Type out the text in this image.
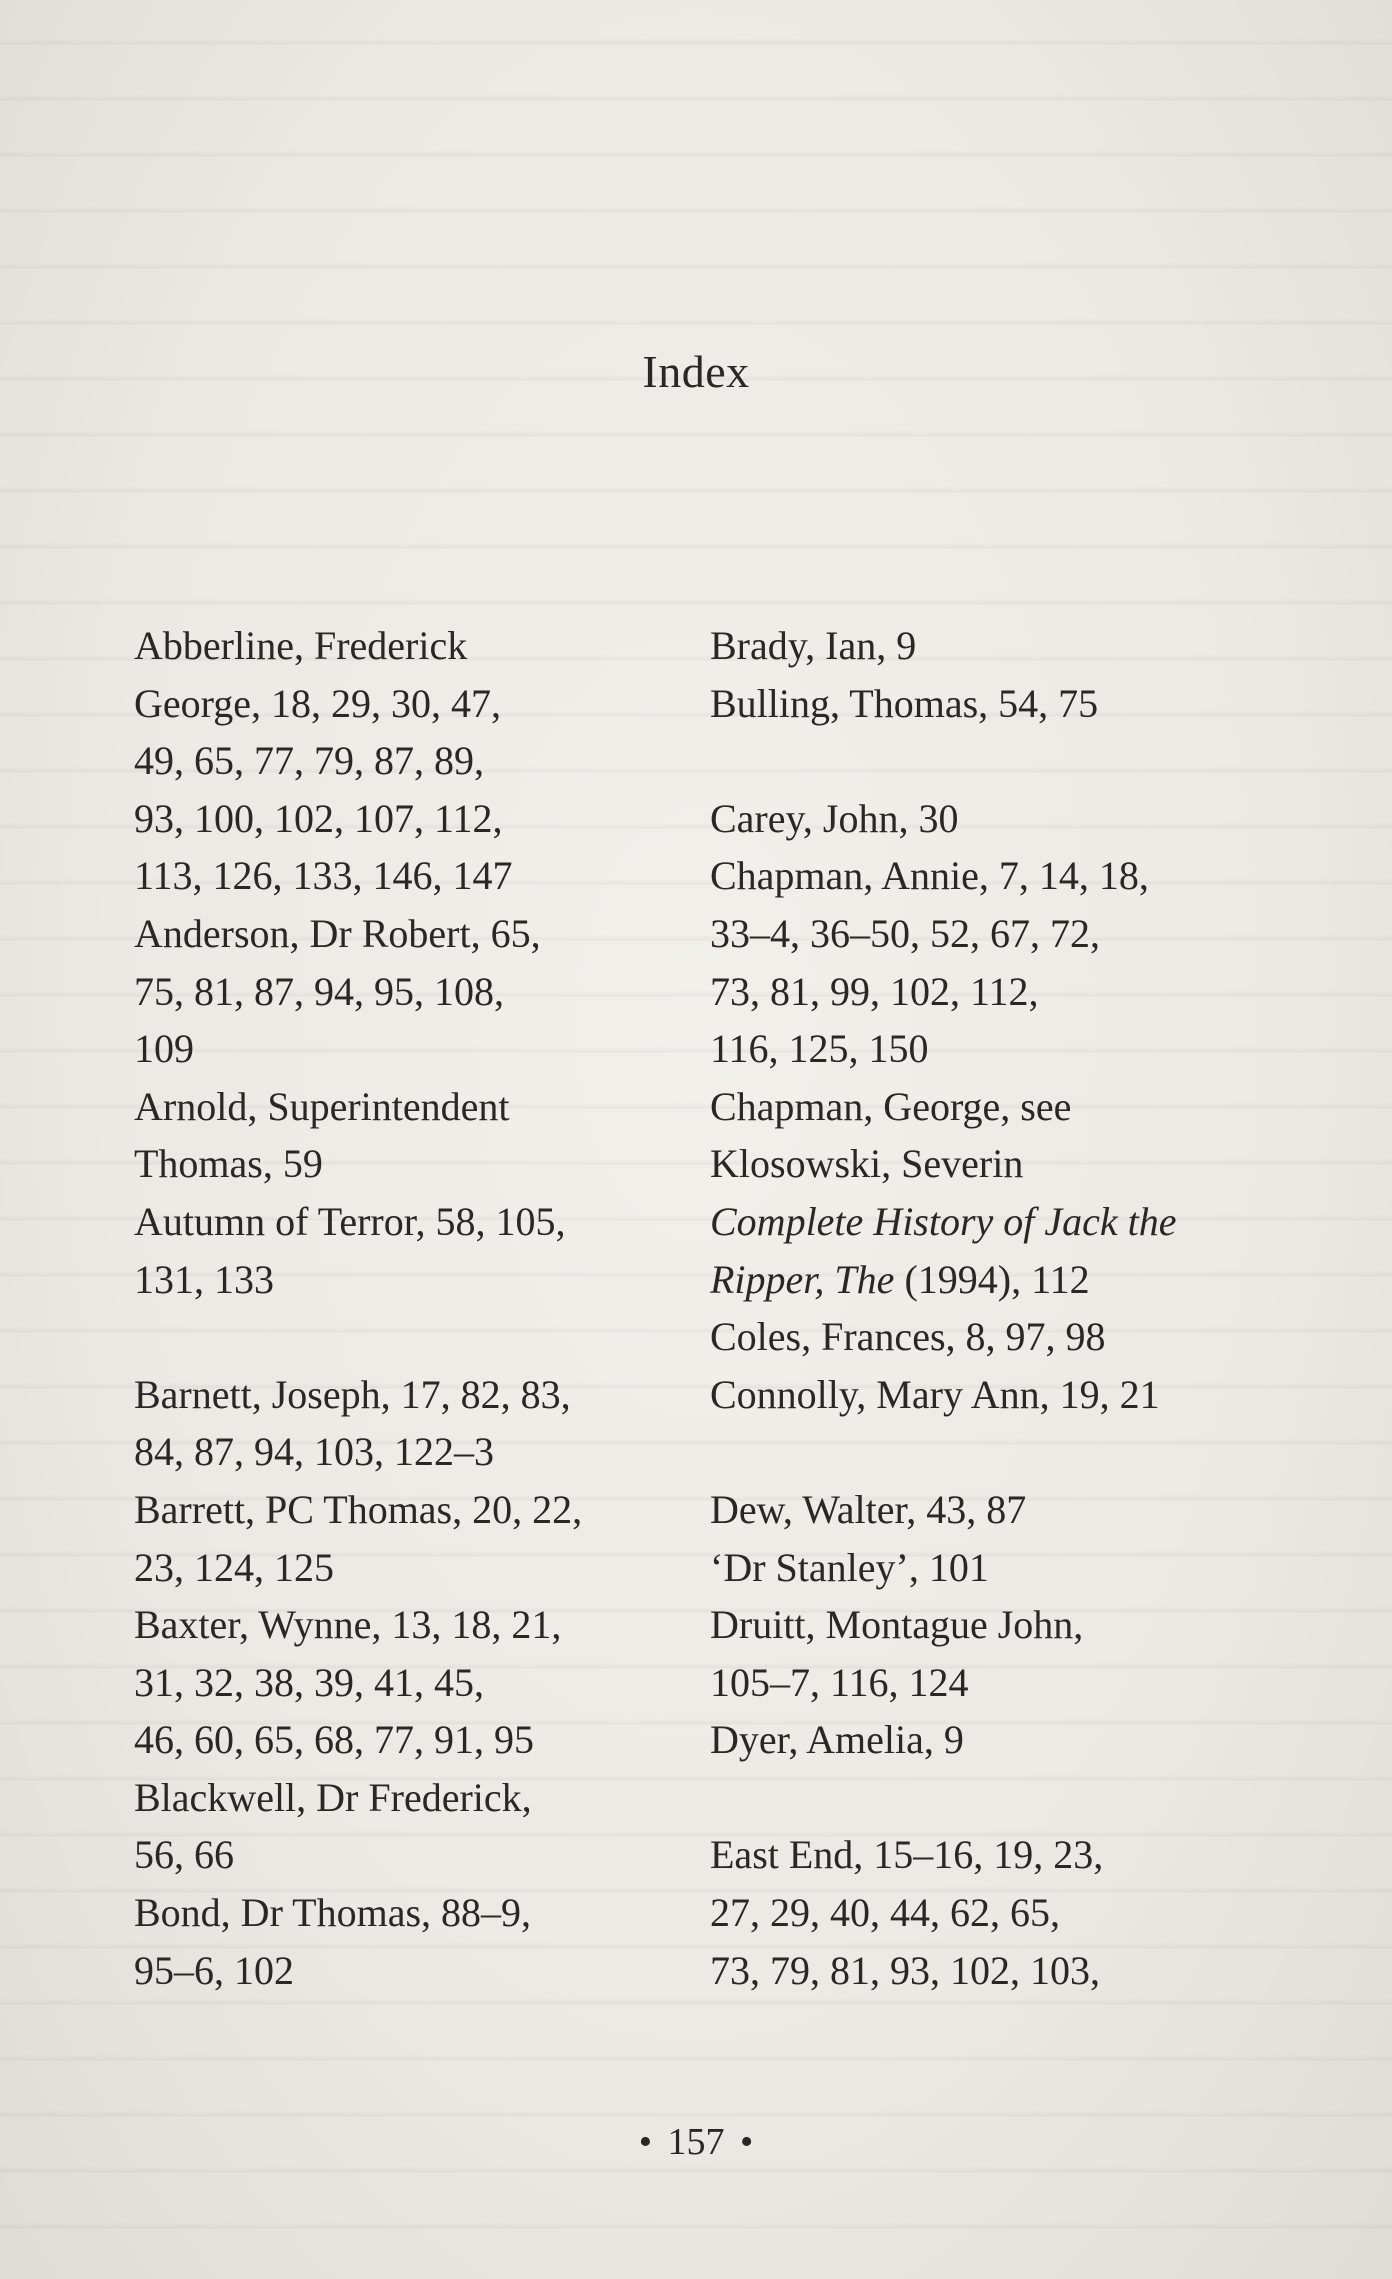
Index
Abberline, Frederick
George, 18, 29, 30, 47,
49, 65, 77, 79, 87, 89,
93, 100, 102, 107, 112,
113, 126, 133, 146, 147
Anderson, Dr Robert, 65,
75, 81, 87, 94, 95, 108,
109
Arnold, Superintendent
Thomas, 59
Autumn of Terror, 58, 105,
131, 133
Barnett, Joseph, 17, 82, 83,
84, 87, 94, 103, 122–3
Barrett, PC Thomas, 20, 22,
23, 124, 125
Baxter, Wynne, 13, 18, 21,
31, 32, 38, 39, 41, 45,
46, 60, 65, 68, 77, 91, 95
Blackwell, Dr Frederick,
56, 66
Bond, Dr Thomas, 88–9,
95–6, 102
Brady, Ian, 9
Bulling, Thomas, 54, 75
Carey, John, 30
Chapman, Annie, 7, 14, 18,
33–4, 36–50, 52, 67, 72,
73, 81, 99, 102, 112,
116, 125, 150
Chapman, George, see
Klosowski, Severin
Complete History of Jack the
Ripper, The (1994), 112
Coles, Frances, 8, 97, 98
Connolly, Mary Ann, 19, 21
Dew, Walter, 43, 87
‘Dr Stanley’, 101
Druitt, Montague John,
105–7, 116, 124
Dyer, Amelia, 9
East End, 15–16, 19, 23,
27, 29, 40, 44, 62, 65,
73, 79, 81, 93, 102, 103,
• 157 •
